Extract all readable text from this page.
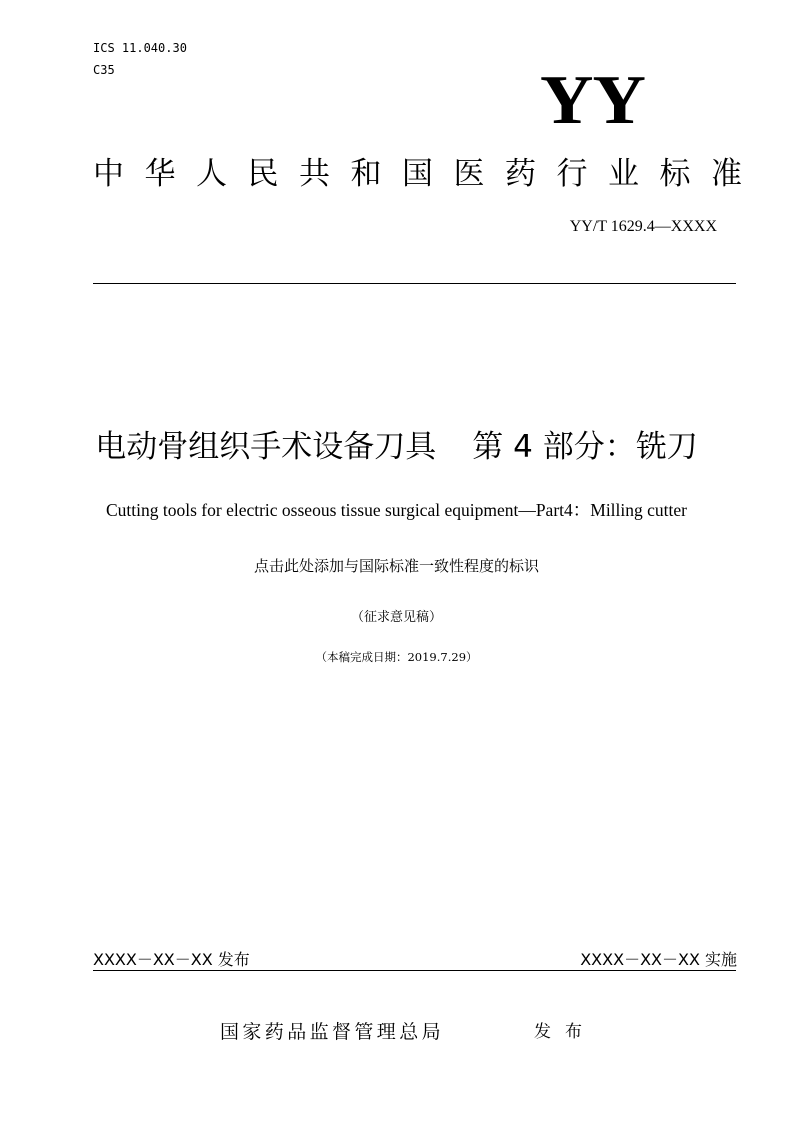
ICS 11.040.30
C35	YY
中华人民共和国医药行业标准
YY/T 1629.4—XXXX
电动骨组织手术设备刀具 第 4 部分：铣刀
Cutting tools for electric osseous tissue surgical equipment—Part4：Milling cutter
点击此处添加与国际标准一致性程度的标识
（征求意见稿）
（本稿完成日期：2019.7.29）
XXXX－XX－XX 发布	XXXX－XX－XX 实施
国家药品监督管理总局	发布
